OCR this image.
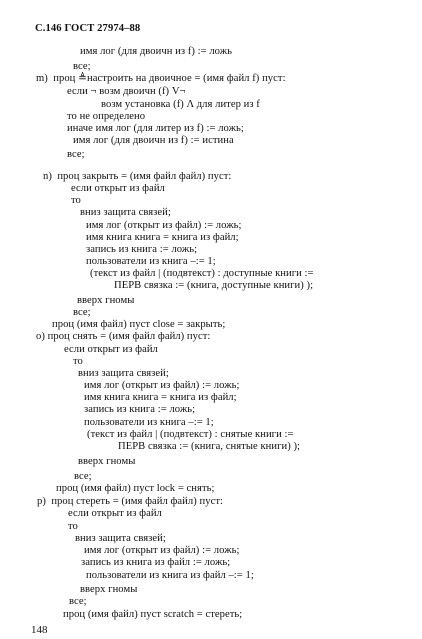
С.146 ГОСТ 27974–88
имя лог (для двоичн из f) := ложь
все;
m)  проц ≜настроить на двоичное = (имя файл f) пуст:
если ¬ возм двоичн (f) V¬
возм установка (f) Λ для литер из f
то не определено
иначе имя лог (для литер из f) := ложь;
имя лог (для двоичн из f) := истина
все;
n)  проц закрыть = (имя файл файл) пуст:
если открыт из файл
то
вниз защита связей;
имя лог (открыт из файл) := ложь;
имя книга книга = книга из файл;
запись из книга := ложь;
пользователи из книга –:= 1;
(текст из файл | (подвтекст) : доступные книги :=
ПЕРВ связка := (книга, доступные книги) );
вверх гномы
все;
проц (имя файл) пуст close = закрыть;
o) проц снять = (имя файл файл) пуст:
если открыт из файл
то
вниз защита связей;
имя лог (открыт из файл) := ложь;
имя книга книга = книга из файл;
запись из книга := ложь;
пользователи из книга –:= 1;
(текст из файл | (подвтекст) : снятые книги :=
ПЕРВ связка := (книга, снятые книги) );
вверх гномы
все;
проц (имя файл) пуст lock = снять;
p)  проц стереть = (имя файл файл) пуст:
если открыт из файл
то
вниз защита связей;
имя лог (открыт из файл) := ложь;
запись из книга из файл := ложь;
пользователи из книга из файл –:= 1;
вверх гномы
все;
проц (имя файл) пуст scratch = стереть;
148
